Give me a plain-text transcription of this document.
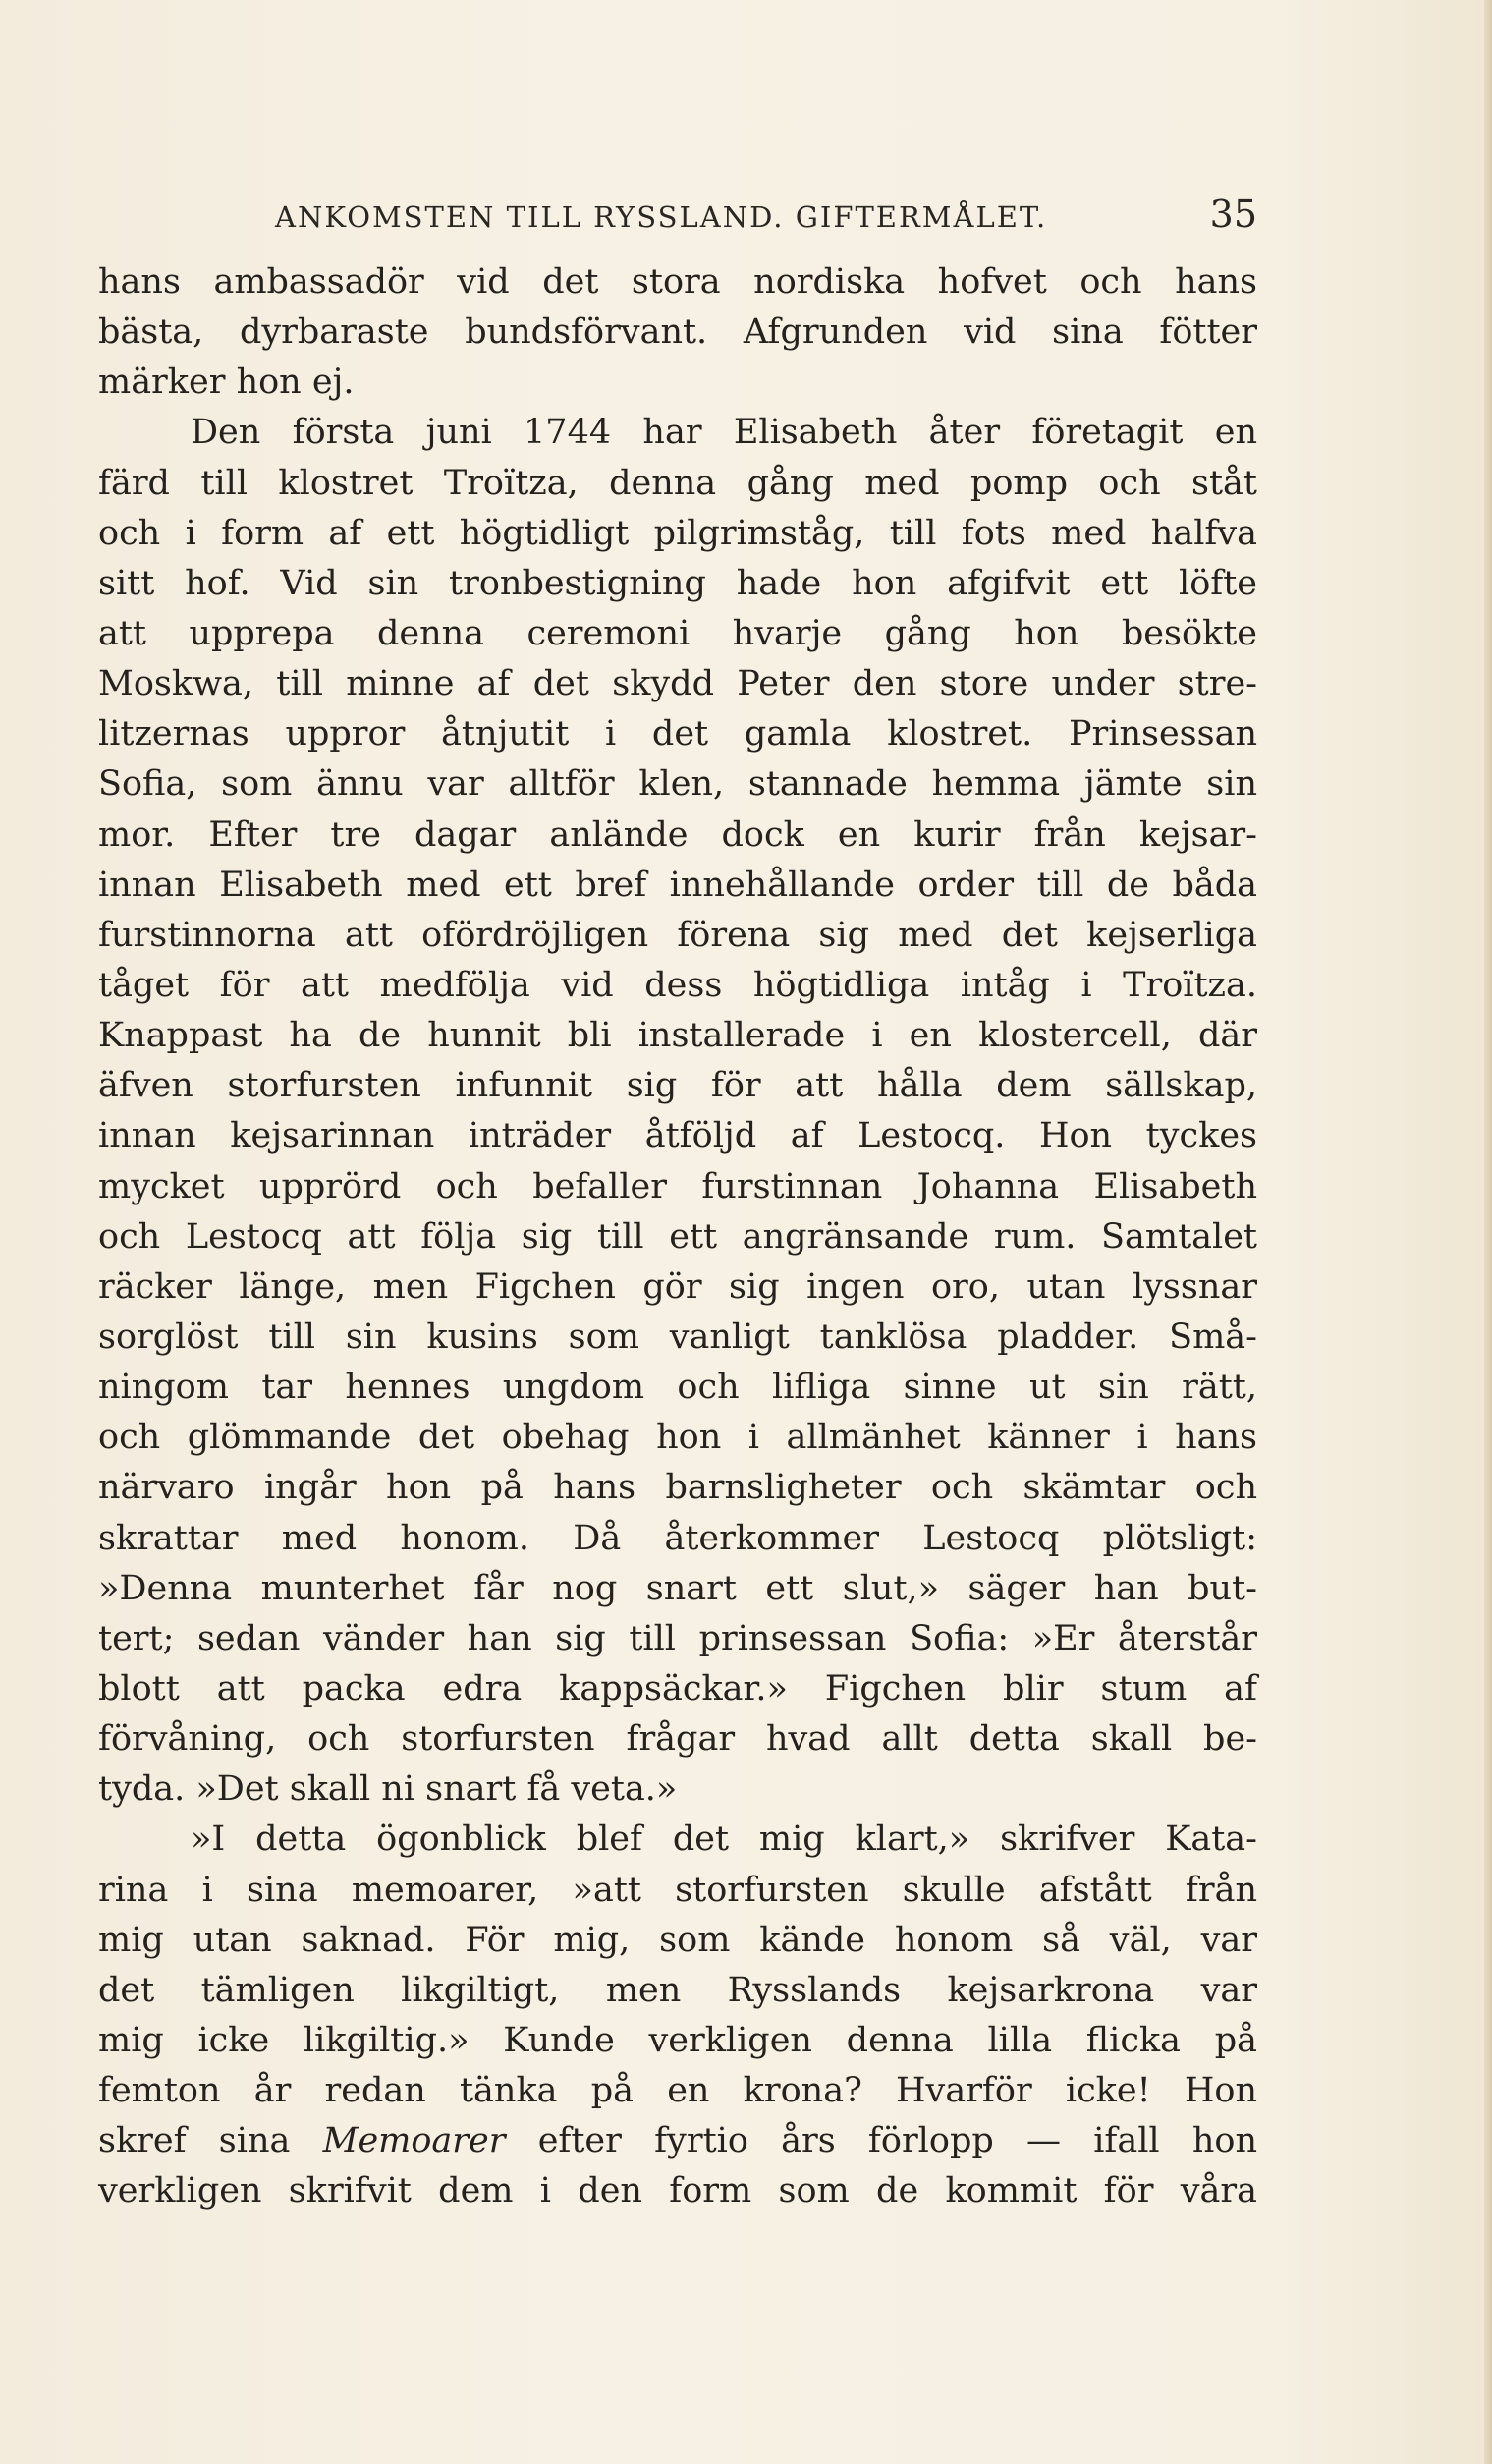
ANKOMSTEN TILL RYSSLAND. GIFTERMÅLET.	35
hans ambassadör vid det stora nordiska hofvet och hans
bästa, dyrbaraste bundsförvant. Afgrunden vid sina fötter
märker hon ej.
Den första juni 1744 har Elisabeth åter företagit en
färd till klostret Troïtza, denna gång med pomp och ståt
och i form af ett högtidligt pilgrimståg, till fots med halfva
sitt hof. Vid sin tronbestigning hade hon afgifvit ett löfte
att upprepa denna ceremoni hvarje gång hon besökte
Moskwa, till minne af det skydd Peter den store under stre-
litzernas uppror åtnjutit i det gamla klostret. Prinsessan
Sofia, som ännu var alltför klen, stannade hemma jämte sin
mor. Efter tre dagar anlände dock en kurir från kejsar-
innan Elisabeth med ett bref innehållande order till de båda
furstinnorna att ofördröjligen förena sig med det kejserliga
tåget för att medfölja vid dess högtidliga intåg i Troïtza.
Knappast ha de hunnit bli installerade i en klostercell, där
äfven storfursten infunnit sig för att hålla dem sällskap,
innan kejsarinnan inträder åtföljd af Lestocq. Hon tyckes
mycket upprörd och befaller furstinnan Johanna Elisabeth
och Lestocq att följa sig till ett angränsande rum. Samtalet
räcker länge, men Figchen gör sig ingen oro, utan lyssnar
sorglöst till sin kusins som vanligt tanklösa pladder. Små-
ningom tar hennes ungdom och lifliga sinne ut sin rätt,
och glömmande det obehag hon i allmänhet känner i hans
närvaro ingår hon på hans barnsligheter och skämtar och
skrattar med honom. Då återkommer Lestocq plötsligt:
»Denna munterhet får nog snart ett slut,» säger han but-
tert; sedan vänder han sig till prinsessan Sofia: »Er återstår
blott att packa edra kappsäckar.» Figchen blir stum af
förvåning, och storfursten frågar hvad allt detta skall be-
tyda. »Det skall ni snart få veta.»
»I detta ögonblick blef det mig klart,» skrifver Kata-
rina i sina memoarer, »att storfursten skulle afstått från
mig utan saknad. För mig, som kände honom så väl, var
det tämligen likgiltigt, men Rysslands kejsarkrona var
mig icke likgiltig.» Kunde verkligen denna lilla flicka på
femton år redan tänka på en krona? Hvarför icke! Hon
skref sina Memoarer efter fyrtio års förlopp — ifall hon
verkligen skrifvit dem i den form som de kommit för våra
